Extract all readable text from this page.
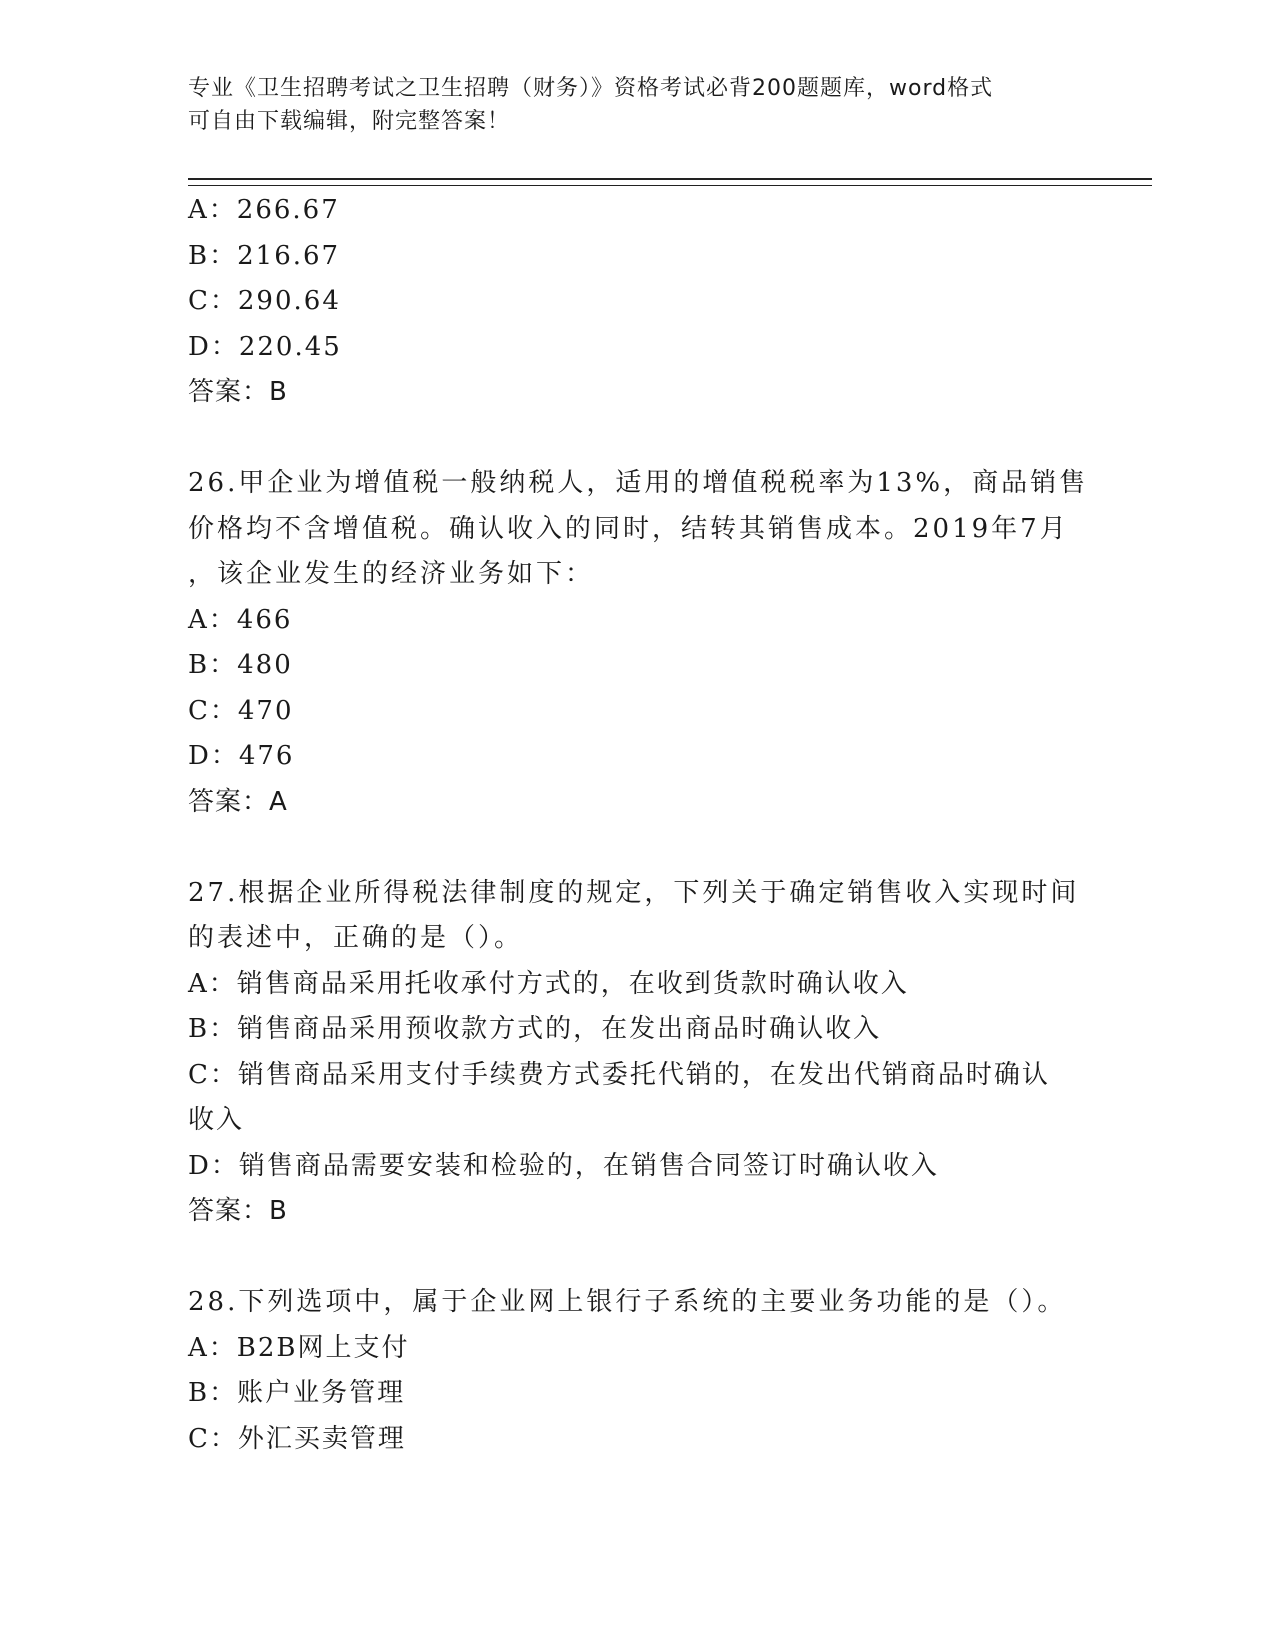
专业《卫生招聘考试之卫生招聘（财务）》资格考试必背200题题库，word格式
可自由下载编辑，附完整答案！
A：266.67
B：216.67
C：290.64
D：220.45
答案：B
26.甲企业为增值税一般纳税人，适用的增值税税率为13%，商品销售
价格均不含增值税。确认收入的同时，结转其销售成本。2019年7月
，该企业发生的经济业务如下：
A：466
B：480
C：470
D：476
答案：A
27.根据企业所得税法律制度的规定，下列关于确定销售收入实现时间
的表述中，正确的是（）。
A：销售商品采用托收承付方式的，在收到货款时确认收入
B：销售商品采用预收款方式的，在发出商品时确认收入
C：销售商品采用支付手续费方式委托代销的，在发出代销商品时确认
收入
D：销售商品需要安装和检验的，在销售合同签订时确认收入
答案：B
28.下列选项中，属于企业网上银行子系统的主要业务功能的是（）。
A：B2B网上支付
B：账户业务管理
C：外汇买卖管理
